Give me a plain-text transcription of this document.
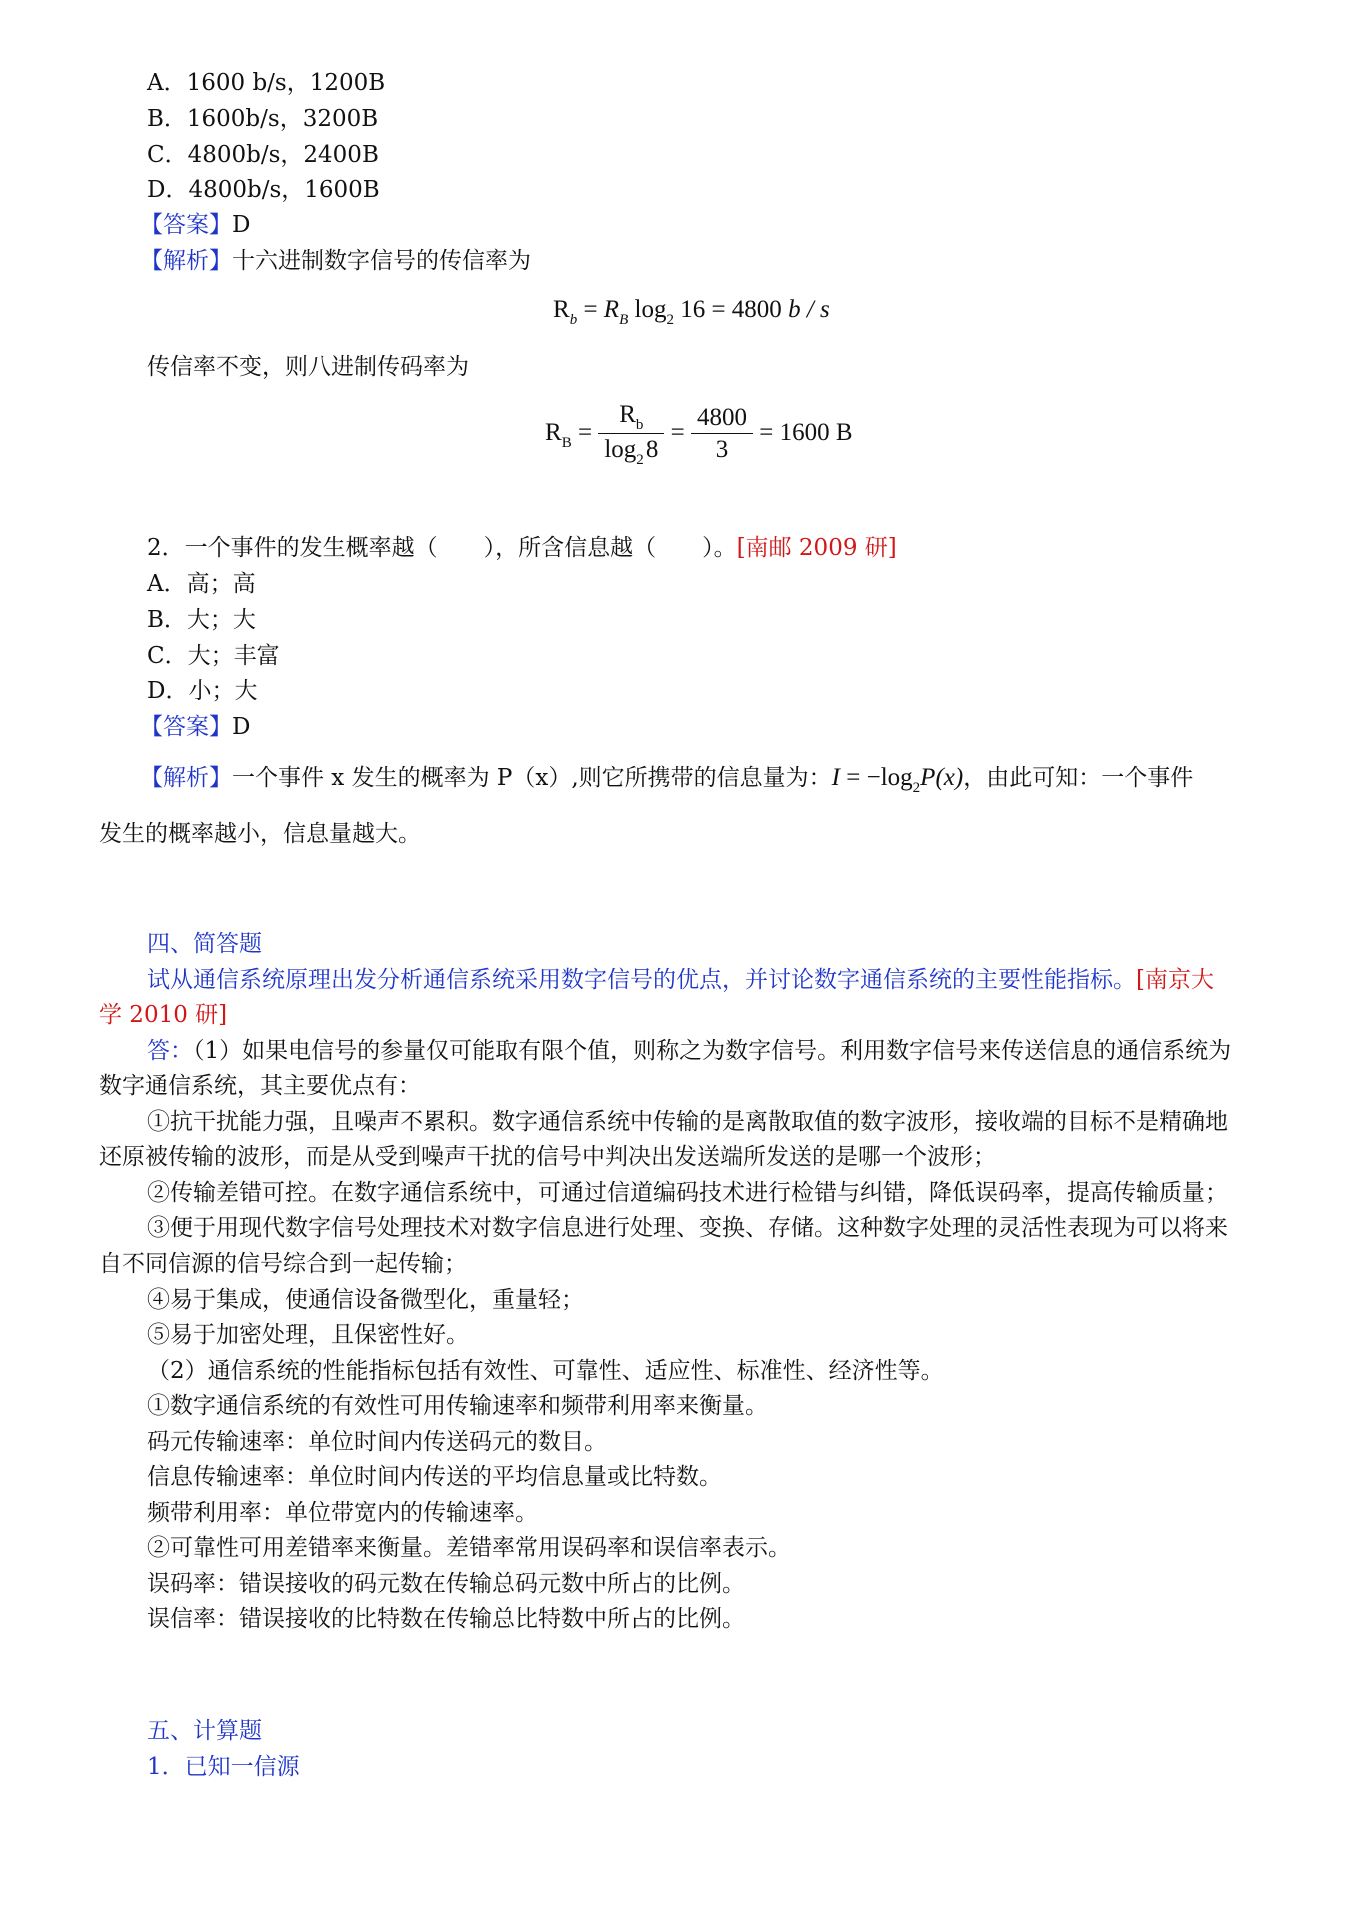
A．1600 b/s，1200B
B．1600b/s，3200B
C．4800b/s，2400B
D．4800b/s，1600B
【答案】D
【解析】十六进制数字信号的传信率为
$R_b = R_B$ $\log_2 16 = 4800$ b / s
传信率不变，则八进制传码率为
$R_B = \frac{R_b}{\log_2 8} = \frac{4800}{3} = 1600$ B
2．一个事件的发生概率越（　　），所含信息越（　　）。[南邮 2009 研]
A．高；高
B．大；大
C．大；丰富
D．小；大
【答案】D
【解析】一个事件 x 发生的概率为 P（x）,则它所携带的信息量为：$I = -\log_2P(x)$，由此可知：一个事件
发生的概率越小，信息量越大。
四、简答题
试从通信系统原理出发分析通信系统采用数字信号的优点，并讨论数字通信系统的主要性能指标。[南京大
学 2010 研]
答：（1）如果电信号的参量仅可能取有限个值，则称之为数字信号。利用数字信号来传送信息的通信系统为
数字通信系统，其主要优点有：
①抗干扰能力强，且噪声不累积。数字通信系统中传输的是离散取值的数字波形，接收端的目标不是精确地
还原被传输的波形，而是从受到噪声干扰的信号中判决出发送端所发送的是哪一个波形；
②传输差错可控。在数字通信系统中，可通过信道编码技术进行检错与纠错，降低误码率，提高传输质量；
③便于用现代数字信号处理技术对数字信息进行处理、变换、存储。这种数字处理的灵活性表现为可以将来
自不同信源的信号综合到一起传输；
④易于集成，使通信设备微型化，重量轻；
⑤易于加密处理，且保密性好。
（2）通信系统的性能指标包括有效性、可靠性、适应性、标准性、经济性等。
①数字通信系统的有效性可用传输速率和频带利用率来衡量。
码元传输速率：单位时间内传送码元的数目。
信息传输速率：单位时间内传送的平均信息量或比特数。
频带利用率：单位带宽内的传输速率。
②可靠性可用差错率来衡量。差错率常用误码率和误信率表示。
误码率：错误接收的码元数在传输总码元数中所占的比例。
误信率：错误接收的比特数在传输总比特数中所占的比例。
五、计算题
1．已知一信源
